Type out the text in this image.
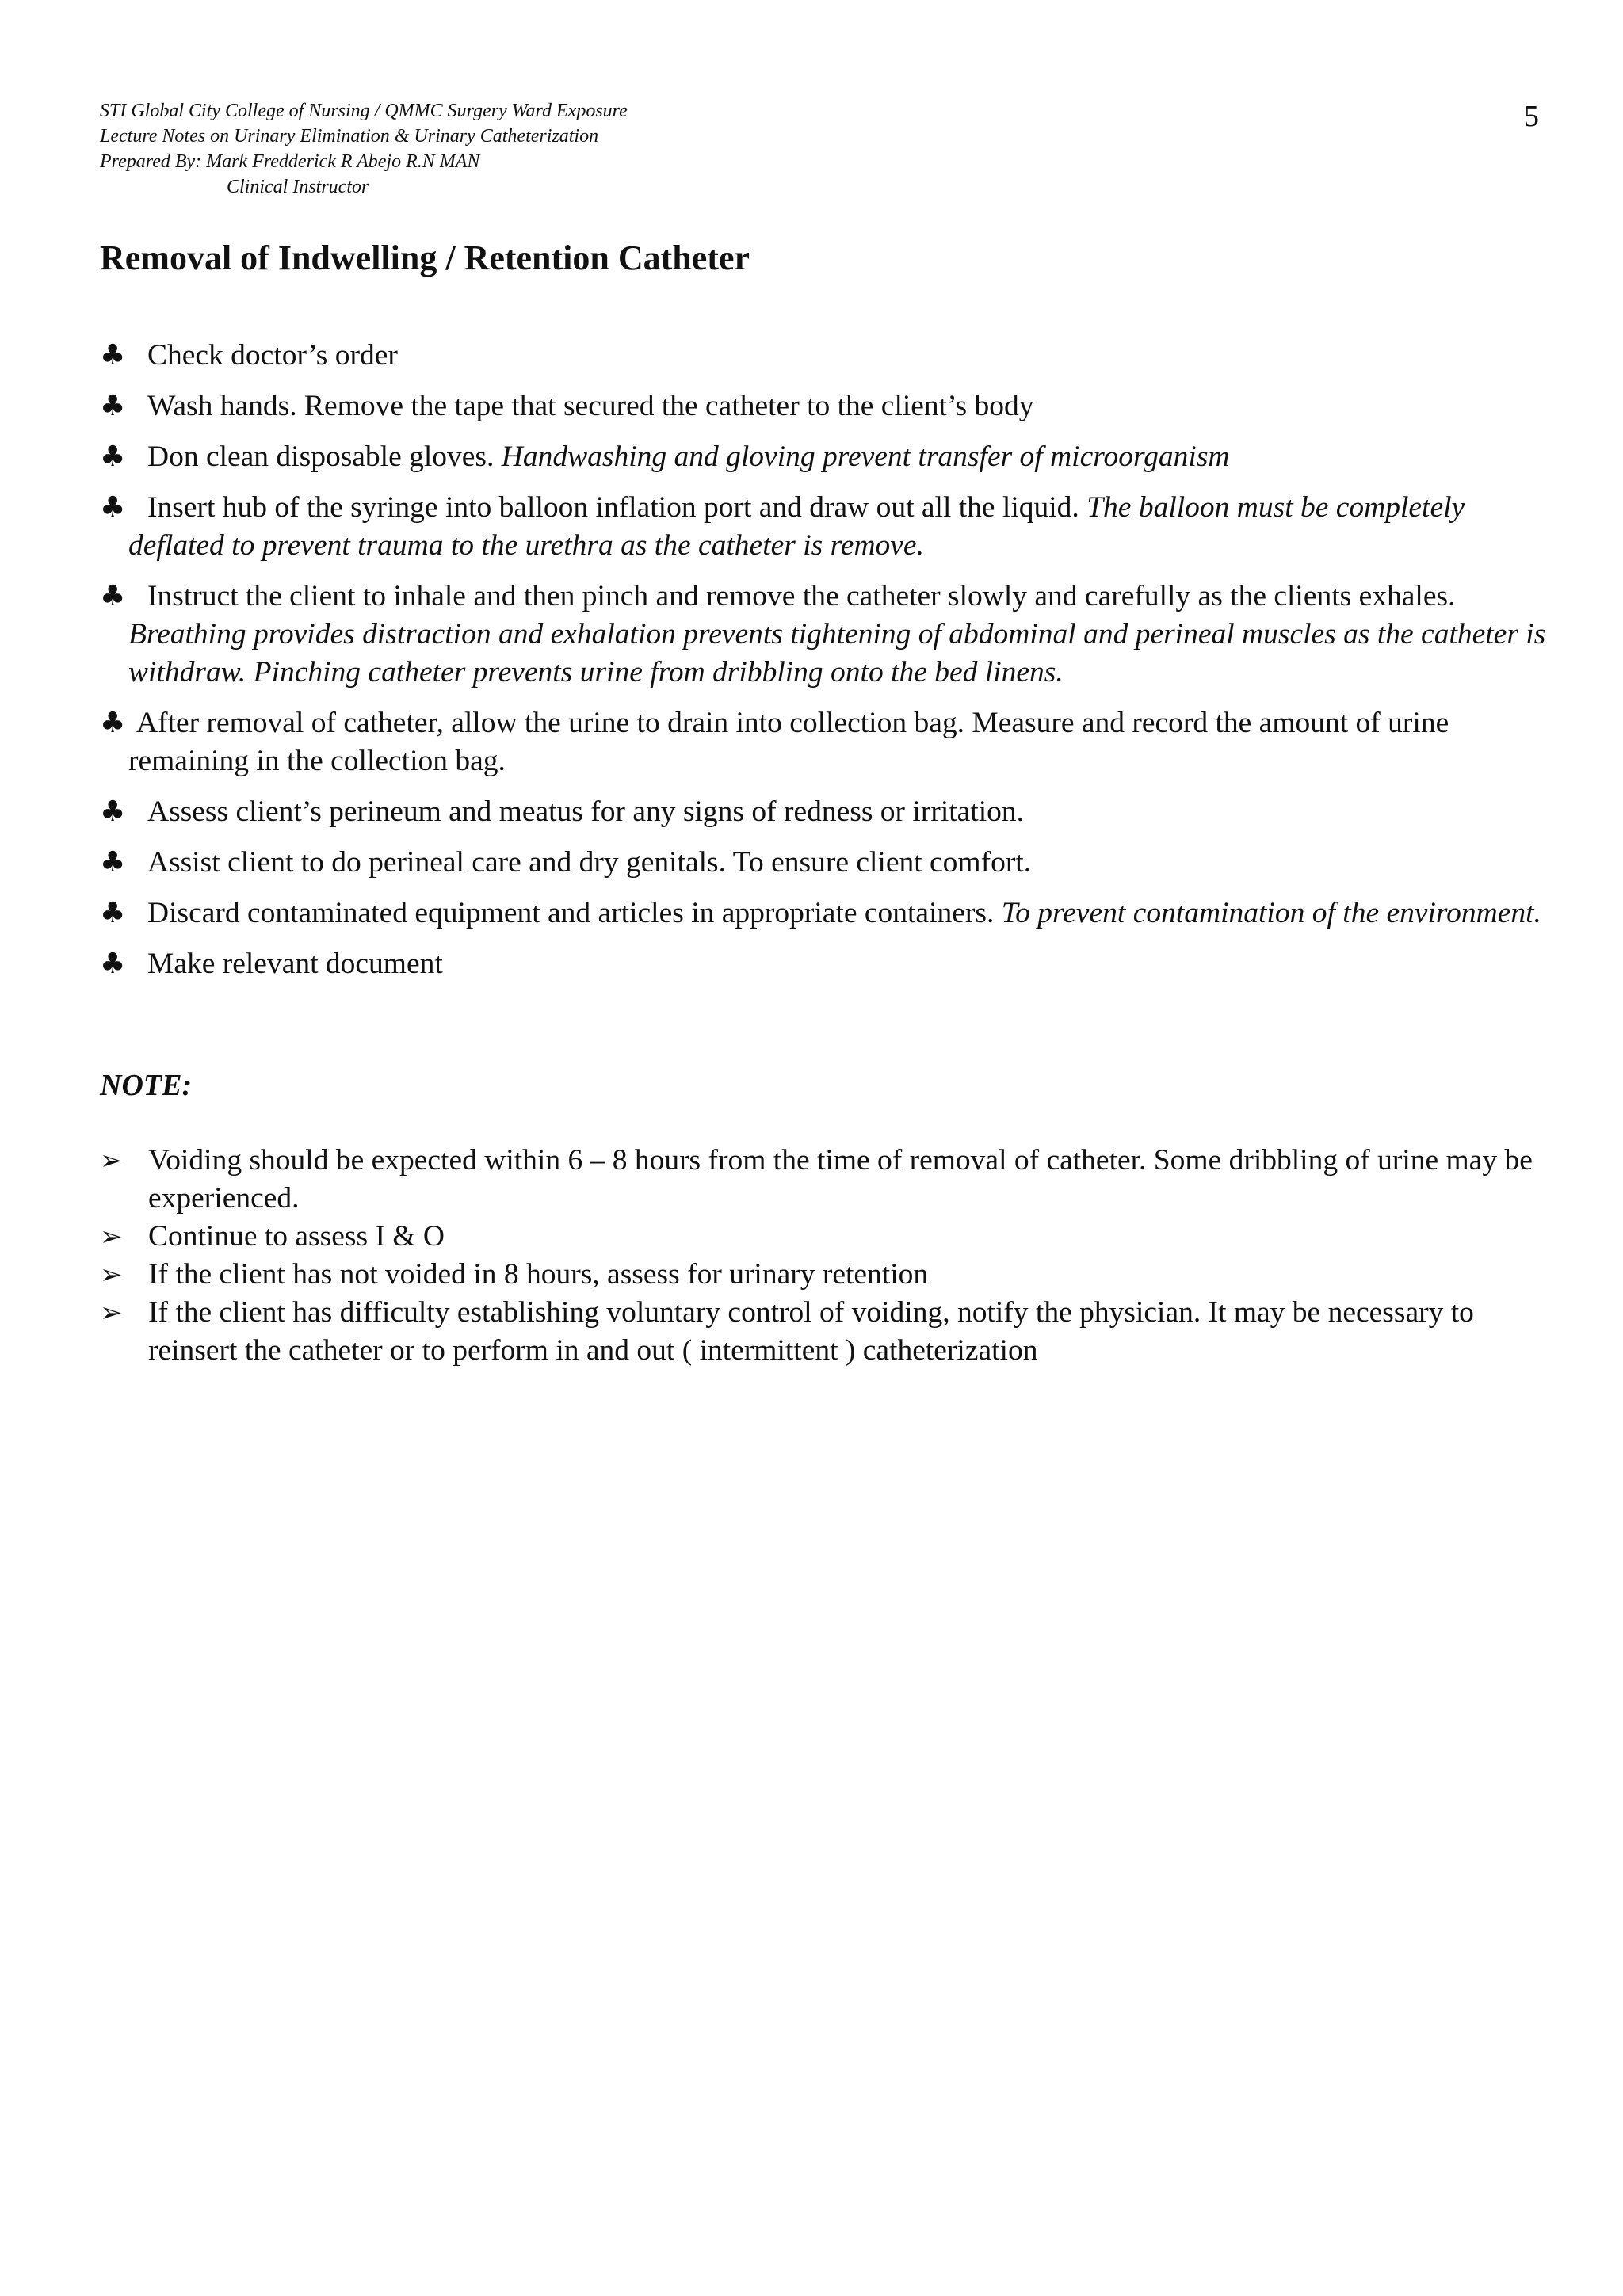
STI Global City College of Nursing / QMMC Surgery Ward Exposure
Lecture Notes on Urinary Elimination & Urinary Catheterization
Prepared By: Mark Fredderick R Abejo R.N MAN
Clinical Instructor
5
Removal of Indwelling / Retention Catheter
♣ Check doctor’s order
♣ Wash hands. Remove the tape that secured the catheter to the client’s body
♣ Don clean disposable gloves. Handwashing and gloving prevent transfer of microorganism
♣ Insert hub of the syringe into balloon inflation port and draw out all the liquid. The balloon must be completely deflated to prevent trauma to the urethra as the catheter is remove.
♣ Instruct the client to inhale and then pinch and remove the catheter slowly and carefully as the clients exhales. Breathing provides distraction and exhalation prevents tightening of abdominal and perineal muscles as the catheter is withdraw. Pinching catheter prevents urine from dribbling onto the bed linens.
♣ After removal of catheter, allow the urine to drain into collection bag. Measure and record the amount of urine remaining in the collection bag.
♣ Assess client’s perineum and meatus for any signs of redness or irritation.
♣ Assist client to do perineal care and dry genitals. To ensure client comfort.
♣ Discard contaminated equipment and articles in appropriate containers. To prevent contamination of the environment.
♣ Make relevant document
NOTE:
➢ Voiding should be expected within 6 – 8 hours from the time of removal of catheter. Some dribbling of urine may be experienced.
➢ Continue to assess I & O
➢ If the client has not voided in 8 hours, assess for urinary retention
➢ If the client has difficulty establishing voluntary control of voiding, notify the physician. It may be necessary to reinsert the catheter or to perform in and out ( intermittent ) catheterization
